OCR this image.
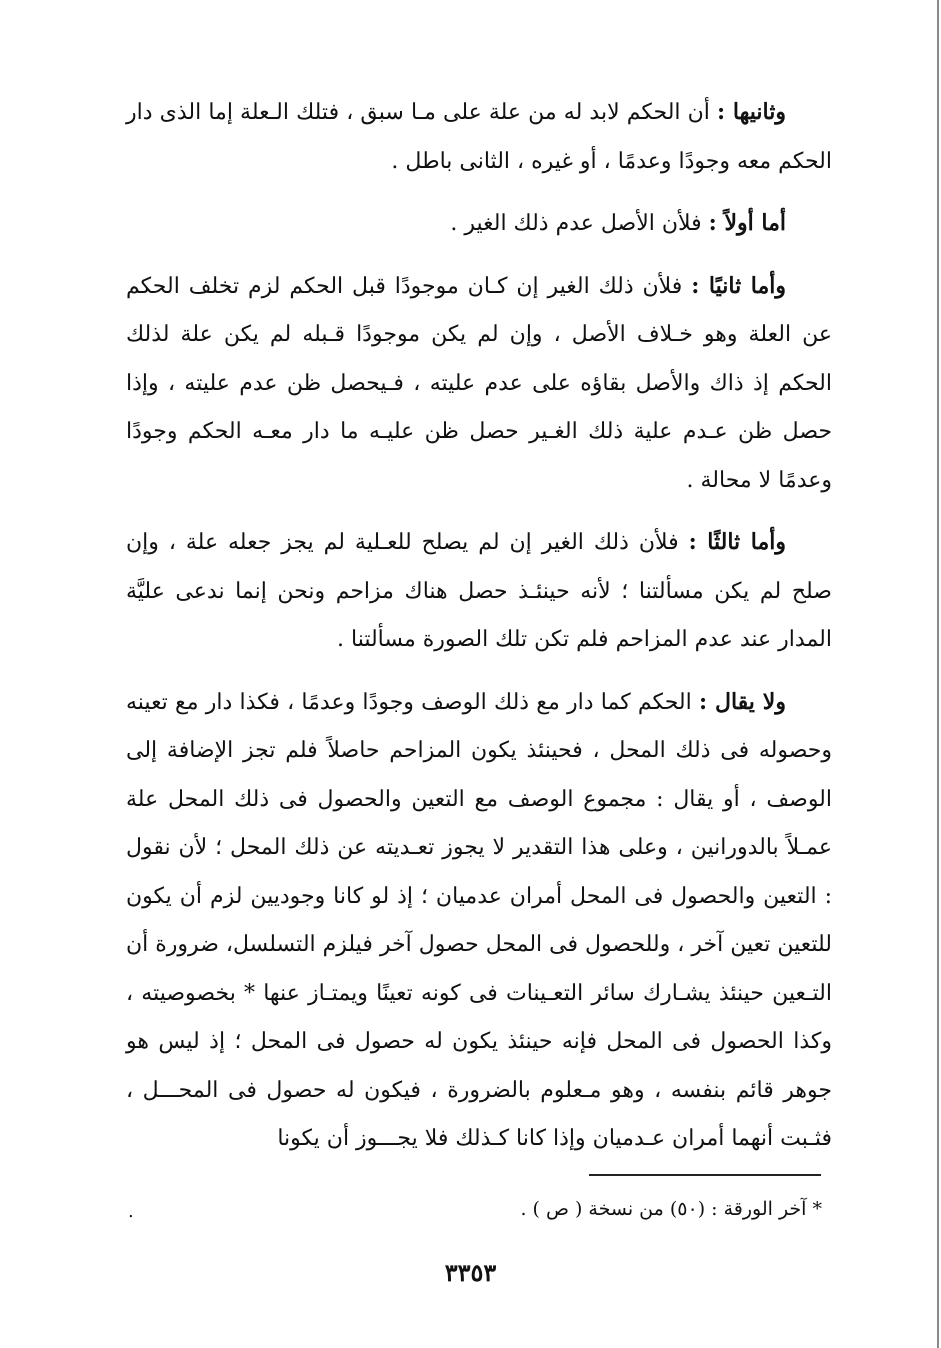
وثانيها : أن الحكم لابد له من علة على مـا سبق ، فتلك الـعلة إما الذى دار الحكم معه وجودًا وعدمًا ، أو غيره ، الثانى باطل .

أما أولاً : فلأن الأصل عدم ذلك الغير .

وأما ثانيًا : فلأن ذلك الغير إن كـان موجودًا قبل الحكم لزم تخلف الحكم عن العلة وهو خـلاف الأصل ، وإن لم يكن موجودًا قـبله لم يكن علة لذلك الحكم إذ ذاك والأصل بقاؤه على عدم عليته ، فـيحصل ظن عدم عليته ، وإذا حصل ظن عـدم علية ذلك الغـير حصل ظن عليـه ما دار معـه الحكم وجودًا وعدمًا لا محالة .

وأما ثالثًا : فلأن ذلك الغير إن لم يصلح للعـلية لم يجز جعله علة ، وإن صلح لم يكن مسألتنا ؛ لأنه حينئـذ حصل هناك مزاحم ونحن إنما ندعى عليَّة المدار عند عدم المزاحم فلم تكن تلك الصورة مسألتنا .

ولا يقال : الحكم كما دار مع ذلك الوصف وجودًا وعدمًا ، فكذا دار مع تعينه وحصوله فى ذلك المحل ، فحينئذ يكون المزاحم حاصلاً فلم تجز الإضافة إلى الوصف ، أو يقال : مجموع الوصف مع التعين والحصول فى ذلك المحل علة عمـلاً بالدورانين ، وعلى هذا التقدير لا يجوز تعـديته عن ذلك المحل ؛ لأن نقول : التعين والحصول فى المحل أمران عدميان ؛ إذ لو كانا وجوديين لزم أن يكون للتعين تعين آخر ، وللحصول فى المحل حصول آخر فيلزم التسلسل، ضرورة أن التـعين حينئذ يشـارك سائر التعـينات فى كونه تعينًا ويمتـاز عنها * بخصوصيته ، وكذا الحصول فى المحل فإنه حينئذ يكون له حصول فى المحل ؛ إذ ليس هو جوهر قائم بنفسه ، وهو مـعلوم بالضرورة ، فيكون له حصول فى المحـــل ، فثـبت أنهما أمران عـدميان وإذا كانا كـذلك فلا يجـــوز أن يكونا

* آخر الورقة : (٥٠) من نسخة ( ص ) .
.
٣٣٥٣
